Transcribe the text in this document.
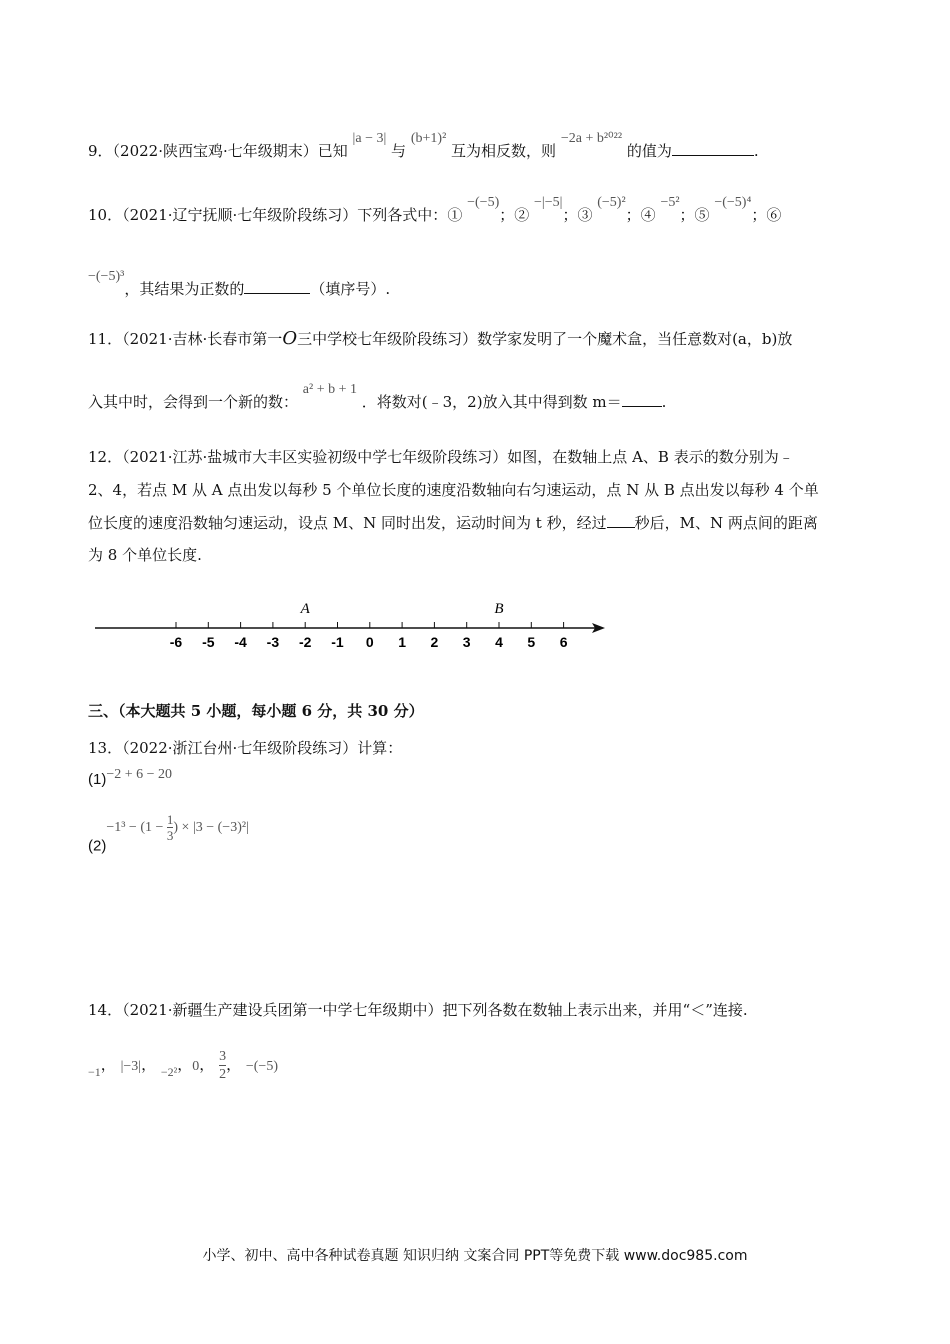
9．（2022·陕西宝鸡·七年级期末）已知 |a − 3| 与 (b+1)² 互为相反数，则 −2a + b²⁰²² 的值为	.
10．（2021·辽宁抚顺·七年级阶段练习）下列各式中：① −(−5)；② −|−5|；③ (−5)²；④ −5²；⑤ −(−5)⁴；⑥
−(−5)³，其结果为正数的	（填序号）.
11．（2021·吉林·长春市第一O三中学校七年级阶段练习）数学家发明了一个魔术盒，当任意数对(a，b)放
入其中时，会得到一个新的数： a² + b + 1 ．将数对(﹣3，2)放入其中得到数 m＝	.
12．（2021·江苏·盐城市大丰区实验初级中学七年级阶段练习）如图，在数轴上点 A、B 表示的数分别为﹣
2、4，若点 M 从 A 点出发以每秒 5 个单位长度的速度沿数轴向右匀速运动，点 N 从 B 点出发以每秒 4 个单
位长度的速度沿数轴匀速运动，设点 M、N 同时出发，运动时间为 t 秒，经过 秒后，M、N 两点间的距离
为 8 个单位长度.
-6 -5 -4 -3 -2 -1 0 1 2 3 4 5 6
A	B
三、（本大题共 5 小题，每小题 6 分，共 30 分）
13．（2022·浙江台州·七年级阶段练习）计算：
(1)−2 + 6 − 20
$(2)-1^3 - (1 - \frac{1}{3}$ ) × |3 − (−3)²|
14．（2021·新疆生产建设兵团第一中学七年级期中）把下列各数在数轴上表示出来，并用“＜”连接.
$_{-1}$， |−3|， $_{-2^2}$，0， $\frac{3}{2}$ ， −(−5)
小学、初中、高中各种试卷真题 知识归纳 文案合同 PPT等免费下载 www.doc985.com
